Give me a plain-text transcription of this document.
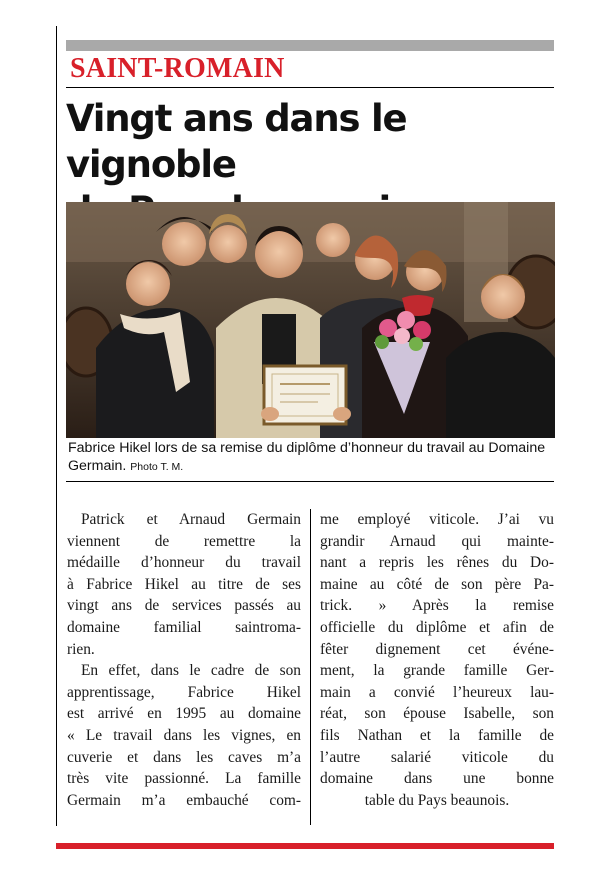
SAINT-ROMAIN
Vingt ans dans le vignoble

Fabrice Hikel lors de sa remise du diplôme d’honneur du travail au Domaine Germain. Photo T. M.

Patrick et Arnaud Germain
viennent de remettre la
médaille d’honneur du travail
à Fabrice Hikel au titre de ses
vingt ans de services passés au
domaine familial saintroma-
rien.
En effet, dans le cadre de son
apprentissage, Fabrice Hikel
est arrivé en 1995 au domaine
« Le travail dans les vignes, en
cuverie et dans les caves m’a
très vite passionné. La famille
Germain m’a embauché com-
me employé viticole. J’ai vu
grandir Arnaud qui mainte-
nant a repris les rênes du Do-
maine au côté de son père Pa-
trick. » Après la remise
officielle du diplôme et afin de
fêter dignement cet événe-
ment, la grande famille Ger-
main a convié l’heureux lau-
réat, son épouse Isabelle, son
fils Nathan et la famille de
l’autre salarié viticole du
domaine dans une bonne
table du Pays beaunois.
